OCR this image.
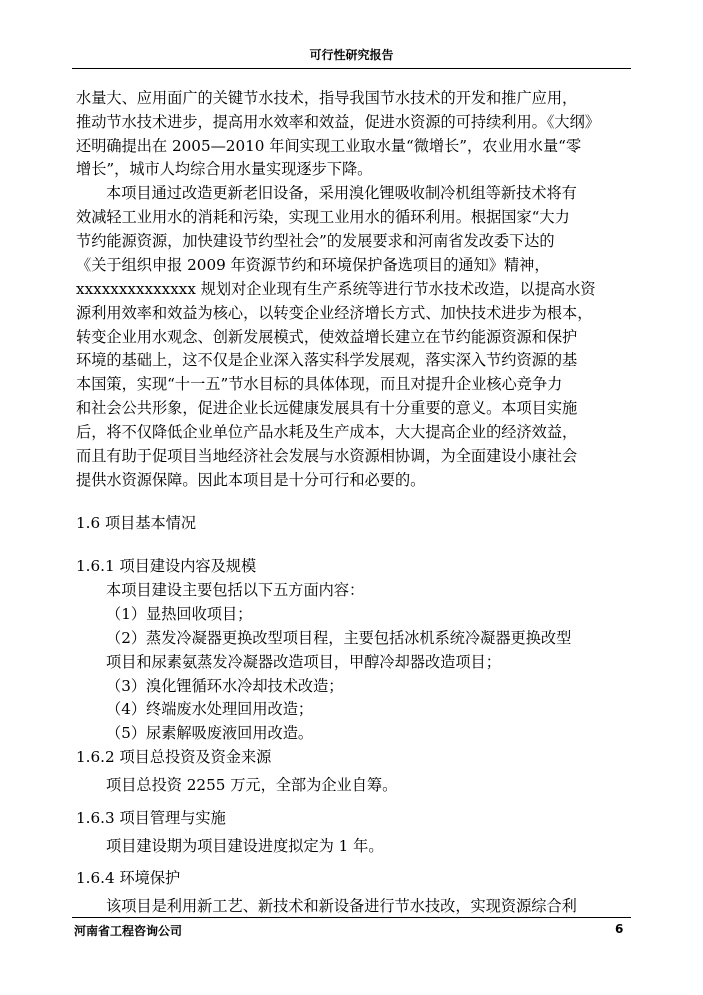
可行性研究报告
水量大、应用面广的关键节水技术，指导我国节水技术的开发和推广应用，
推动节水技术进步，提高用水效率和效益，促进水资源的可持续利用。《大纲》
还明确提出在 2005—2010 年间实现工业取水量“微增长”，农业用水量“零
增长”，城市人均综合用水量实现逐步下降。
本项目通过改造更新老旧设备，采用溴化锂吸收制冷机组等新技术将有
效减轻工业用水的消耗和污染，实现工业用水的循环利用。根据国家“大力
节约能源资源，加快建设节约型社会”的发展要求和河南省发改委下达的
《关于组织申报 2009 年资源节约和环境保护备选项目的通知》精神，
xxxxxxxxxxxxxx 规划对企业现有生产系统等进行节水技术改造，以提高水资
源利用效率和效益为核心，以转变企业经济增长方式、加快技术进步为根本，
转变企业用水观念、创新发展模式，使效益增长建立在节约能源资源和保护
环境的基础上，这不仅是企业深入落实科学发展观，落实深入节约资源的基
本国策，实现“十一五”节水目标的具体体现，而且对提升企业核心竞争力
和社会公共形象，促进企业长远健康发展具有十分重要的意义。本项目实施
后，将不仅降低企业单位产品水耗及生产成本，大大提高企业的经济效益，
而且有助于促项目当地经济社会发展与水资源相协调，为全面建设小康社会
提供水资源保障。因此本项目是十分可行和必要的。
1.6 项目基本情况
1.6.1 项目建设内容及规模
本项目建设主要包括以下五方面内容：
（1）显热回收项目；
（2）蒸发冷凝器更换改型项目程，主要包括冰机系统冷凝器更换改型
项目和尿素氨蒸发冷凝器改造项目，甲醇冷却器改造项目；
（3）溴化锂循环水冷却技术改造；
（4）终端废水处理回用改造；
（5）尿素解吸废液回用改造。
1.6.2 项目总投资及资金来源
项目总投资 2255 万元，全部为企业自筹。
1.6.3 项目管理与实施
项目建设期为项目建设进度拟定为 1 年。
1.6.4 环境保护
该项目是利用新工艺、新技术和新设备进行节水技改，实现资源综合利
河南省工程咨询公司	6
